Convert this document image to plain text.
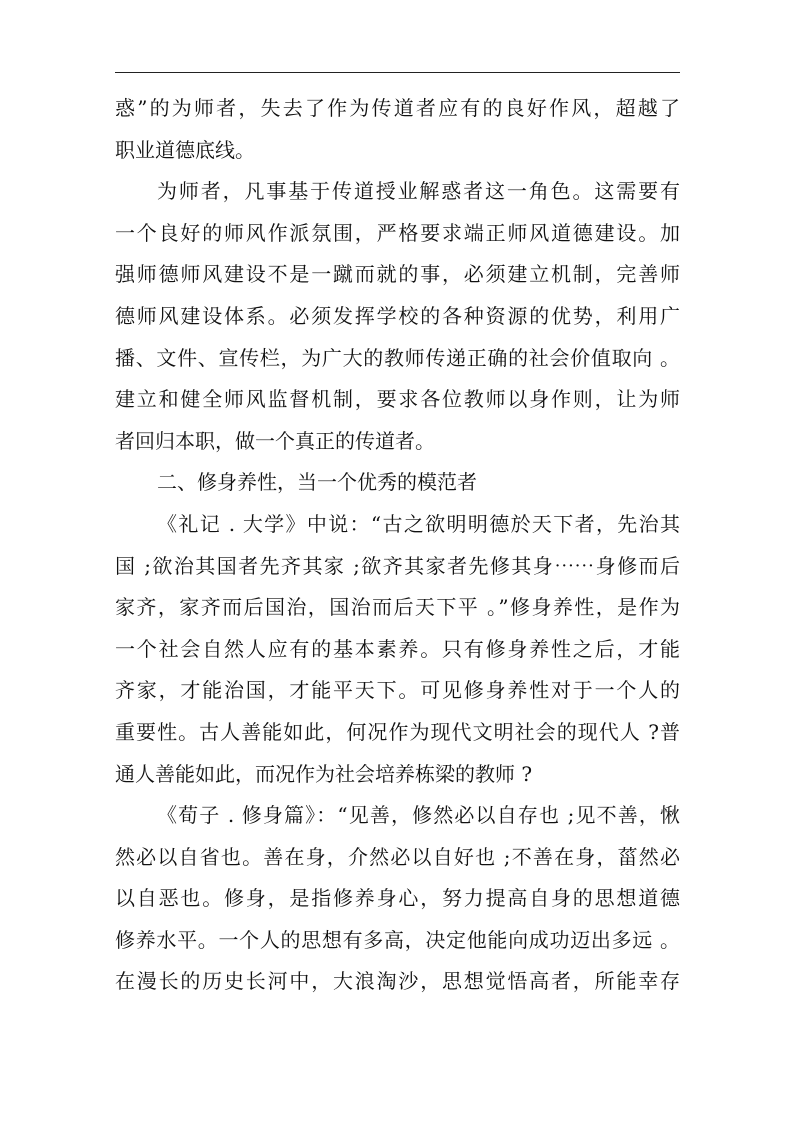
惑”的为师者，失去了作为传道者应有的良好作风，超越了
职业道德底线。
为师者，凡事基于传道授业解惑者这一角色。这需要有
一个良好的师风作派氛围，严格要求端正师风道德建设。加
强师德师风建设不是一蹴而就的事，必须建立机制，完善师
德师风建设体系。必须发挥学校的各种资源的优势，利用广
播、文件、宣传栏，为广大的教师传递正确的社会价值取向 。
建立和健全师风监督机制，要求各位教师以身作则，让为师
者回归本职，做一个真正的传道者。
二、修身养性，当一个优秀的模范者
《礼记 . 大学》中说：“古之欲明明德於天下者，先治其
国 ;欲治其国者先齐其家 ;欲齐其家者先修其身⋯⋯身修而后
家齐，家齐而后国治，国治而后天下平 。”修身养性，是作为
一个社会自然人应有的基本素养。只有修身养性之后，才能
齐家，才能治国，才能平天下。可见修身养性对于一个人的
重要性。古人善能如此，何况作为现代文明社会的现代人 ?普
通人善能如此，而况作为社会培养栋梁的教师 ?
《荀子 . 修身篇》：“见善，修然必以自存也 ;见不善，愀
然必以自省也。善在身，介然必以自好也 ;不善在身，菑然必
以自恶也。修身，是指修养身心，努力提高自身的思想道德
修养水平。一个人的思想有多高，决定他能向成功迈出多远 。
在漫长的历史长河中，大浪淘沙，思想觉悟高者，所能幸存
